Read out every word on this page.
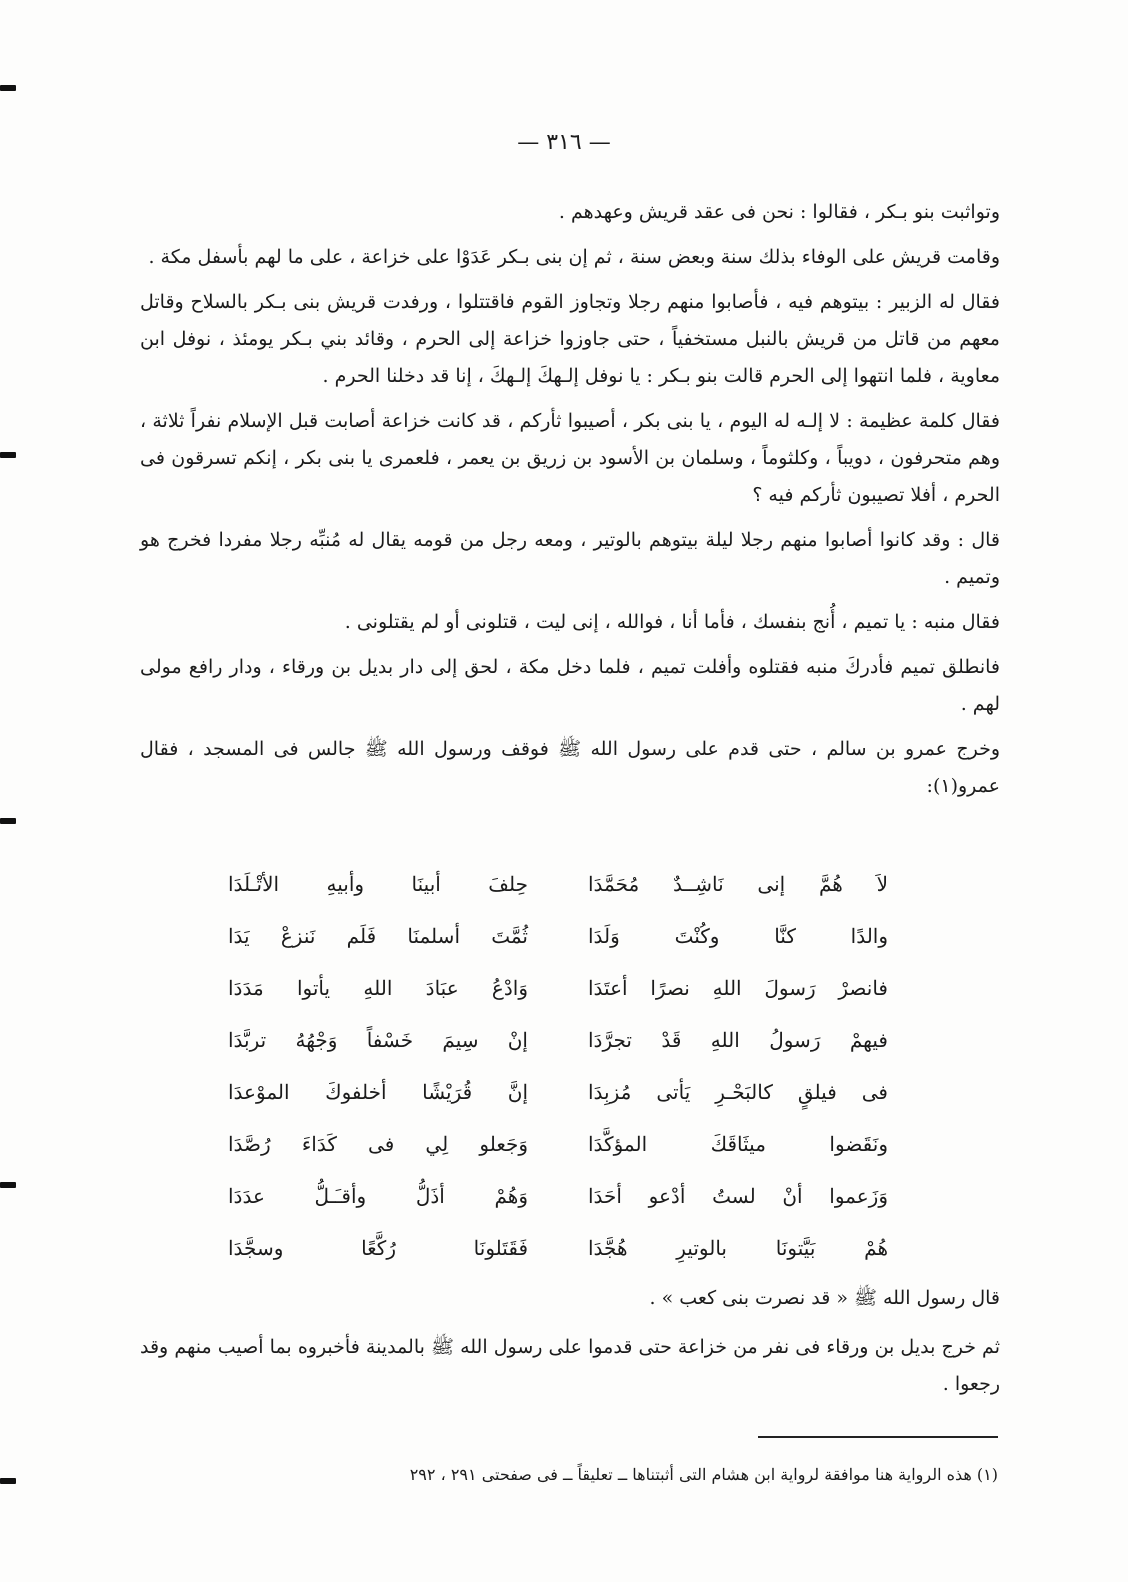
— ٣١٦ —

وتواثبت بنو بـكر ، فقالوا : نحن فى عقد قريش وعهدهم .

وقامت قريش على الوفاء بذلك سنة وبعض سنة ، ثم إن بنى بـكر عَدَوْا على خزاعة ، على ما لهم بأسفل مكة .

فقال له الزبير : بيتوهم فيه ، فأصابوا منهم رجلا وتجاوز القوم فاقتتلوا ، ورفدت قريش بنى بـكر بالسلاح وقاتل معهم من قاتل من قريش بالنبل مستخفياً ، حتى جاوزوا خزاعة إلى الحرم ، وقائد بني بـكر يومئذ ، نوفل ابن معاوية ، فلما انتهوا إلى الحرم قالت بنو بـكر : يا نوفل إلـهكَ إلـهكَ ، إنا قد دخلنا الحرم .

فقال كلمة عظيمة : لا إلـه له اليوم ، يا بنى بكر ، أصيبوا ثأركم ، قد كانت خزاعة أصابت قبل الإسلام نفراً ثلاثة ، وهم متحرفون ، دويباً ، وكلثوماً ، وسلمان بن الأسود بن زريق بن يعمر ، فلعمرى يا بنى بكر ، إنكم تسرقون فى الحرم ، أفلا تصيبون ثأركم فيه ؟

قال : وقد كانوا أصابوا منهم رجلا ليلة بيتوهم بالوتير ، ومعه رجل من قومه يقال له مُنبِّه رجلا مفردا فخرج هو وتميم .

فقال منبه : يا تميم ، أُنج بنفسك ، فأما أنا ، فوالله ، إنى ليت ، قتلونى أو لم يقتلونى .

فانطلق تميم فأدركَ منبه فقتلوه وأفلت تميم ، فلما دخل مكة ، لحق إلى دار بديل بن ورقاء ، ودار رافع مولى لهم .

وخرج عمرو بن سالم ، حتى قدم على رسول الله ﷺ فوقف ورسول الله ﷺ جالس فى المسجد ، فقال عمرو(١):

لاَ هُمَّ إنى نَاشِــدٌ مُحَمَّدَا
حِلفَ أبينَا وأبيهِ الأتْـلَدَا
والدًا كنَّا وكُنْتَ وَلَدَا
ثُمَّتَ أسلمنَا فَلَم نَنزعْ يَدَا
فانصرْ رَسولَ اللهِ نصرًا أعتَدَا
وَادْعُ عبَادَ اللهِ يأتوا مَدَدَا
فيهمْ رَسولُ اللهِ قَدْ تجرَّدَا
إنْ سِيمَ خَسْفاً وَجْهُهُ تربَّدَا
فى فيلقٍ كالبَحْـرِ يَأتى مُزبِدَا
إنَّ قُرَيْشًا أخلفوكَ الموْعدَا
ونَقَضوا ميثَاقَكَ المؤكَّدَا
وَجَعلو لِي فى كَدَاءَ رُصَّدَا
وَزَعموا أنْ لستُ أدْعو أحَدَا
وَهُمْ أذَلُّ وأقـَـلُّ عدَدَا
هُمْ بَيَّتونَا بالوتيرِ هُجَّدَا
فَقَتَلونَا رُكَّعًا وسجَّدَا

قال رسول الله ﷺ « قد نصرت بنى كعب » .

ثم خرج بديل بن ورقاء فى نفر من خزاعة حتى قدموا على رسول الله ﷺ بالمدينة فأخبروه بما أصيب منهم وقد رجعوا .

(١) هذه الرواية هنا موافقة لرواية ابن هشام التى أثبتناها ــ تعليقاً ــ فى صفحتى ٢٩١ ، ٢٩٢
